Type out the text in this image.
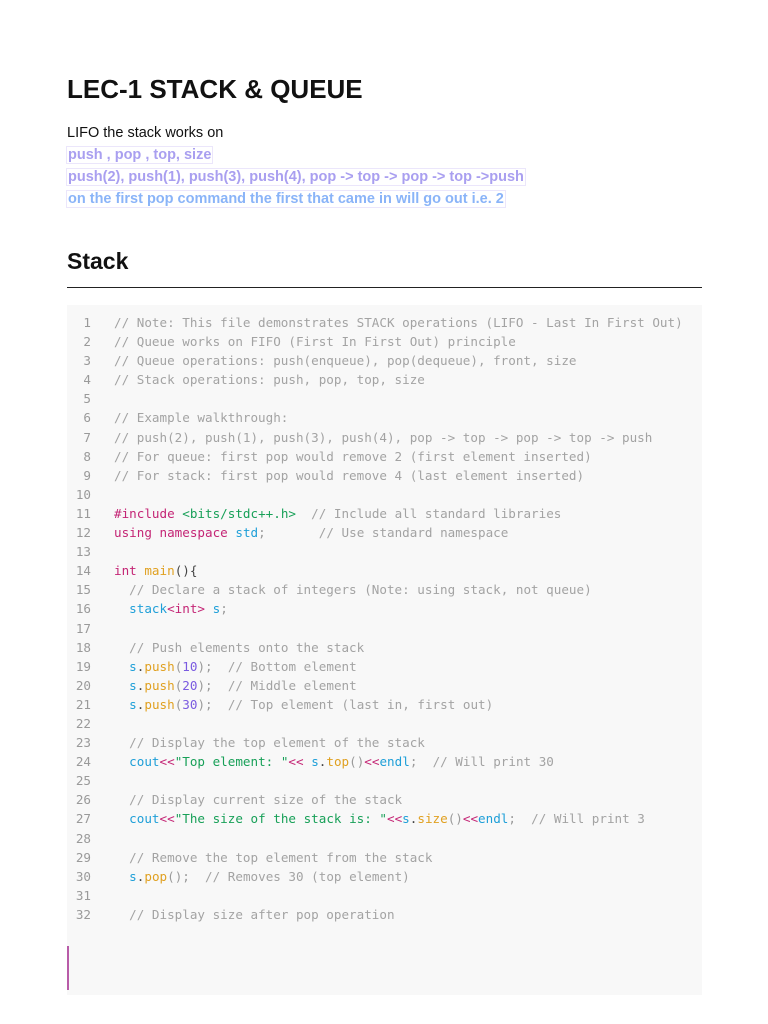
LEC-1 STACK & QUEUE
LIFO the stack works on
push , pop , top, size
push(2), push(1), push(3), push(4), pop -> top -> pop -> top ->push
on the first pop command the first that came in will go out i.e. 2
Stack
1 // Note: This file demonstrates STACK operations (LIFO - Last In First Out)
2 // Queue works on FIFO (First In First Out) principle
3 // Queue operations: push(enqueue), pop(dequeue), front, size
4 // Stack operations: push, pop, top, size
5
6 // Example walkthrough:
7 // push(2), push(1), push(3), push(4), pop -> top -> pop -> top -> push
8 // For queue: first pop would remove 2 (first element inserted)
9 // For stack: first pop would remove 4 (last element inserted)
10
11 #include <bits/stdc++.h> // Include all standard libraries
12 using namespace std;       // Use standard namespace
13
14 int main(){
15	// Declare a stack of integers (Note: using stack, not queue)
16	stack<int> s;
17
18	// Push elements onto the stack
19	s.push(10);  // Bottom element
20	s.push(20);  // Middle element
21	s.push(30);  // Top element (last in, first out)
22
23	// Display the top element of the stack
24	cout<<"Top element: "<< s.top()<<endl;  // Will print 30
25
26	// Display current size of the stack
27	cout<<"The size of the stack is: "<<s.size()<<endl;  // Will print 3
28
29	// Remove the top element from the stack
30	s.pop();  // Removes 30 (top element)
31
32	// Display size after pop operation
